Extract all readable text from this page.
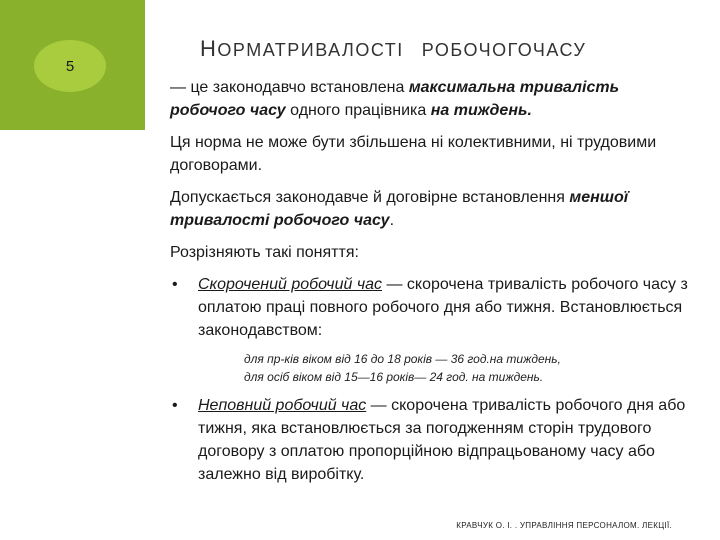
5
НОРМАТРИВАЛОСТІ РОБОЧОГОЧАСУ

— це законодавчо встановлена максимальна тривалість робочого часу одного працівника на тиждень.

Ця норма не може бути збільшена ні колективними, ні трудовими договорами.

Допускається законодавче й договірне встановлення меншої тривалості робочого часу.

Розрізняють такі поняття:

• Скорочений робочий час — скорочена тривалість робочого часу з оплатою праці повного робочого дня або тижня. Встановлюється законодавством:
для пр-ків віком від 16 до 18 років — 36 год.на тиждень,
для осіб віком від 15—16 років— 24 год. на тиждень.
• Неповний робочий час — скорочена тривалість робочого дня або тижня, яка встановлюється за погодженням сторін трудового договору з оплатою пропорційною відпрацьованому часу або залежно від виробітку.
КРАВЧУК О. І. . УПРАВЛІННЯ ПЕРСОНАЛОМ. ЛЕКЦІЇ.
